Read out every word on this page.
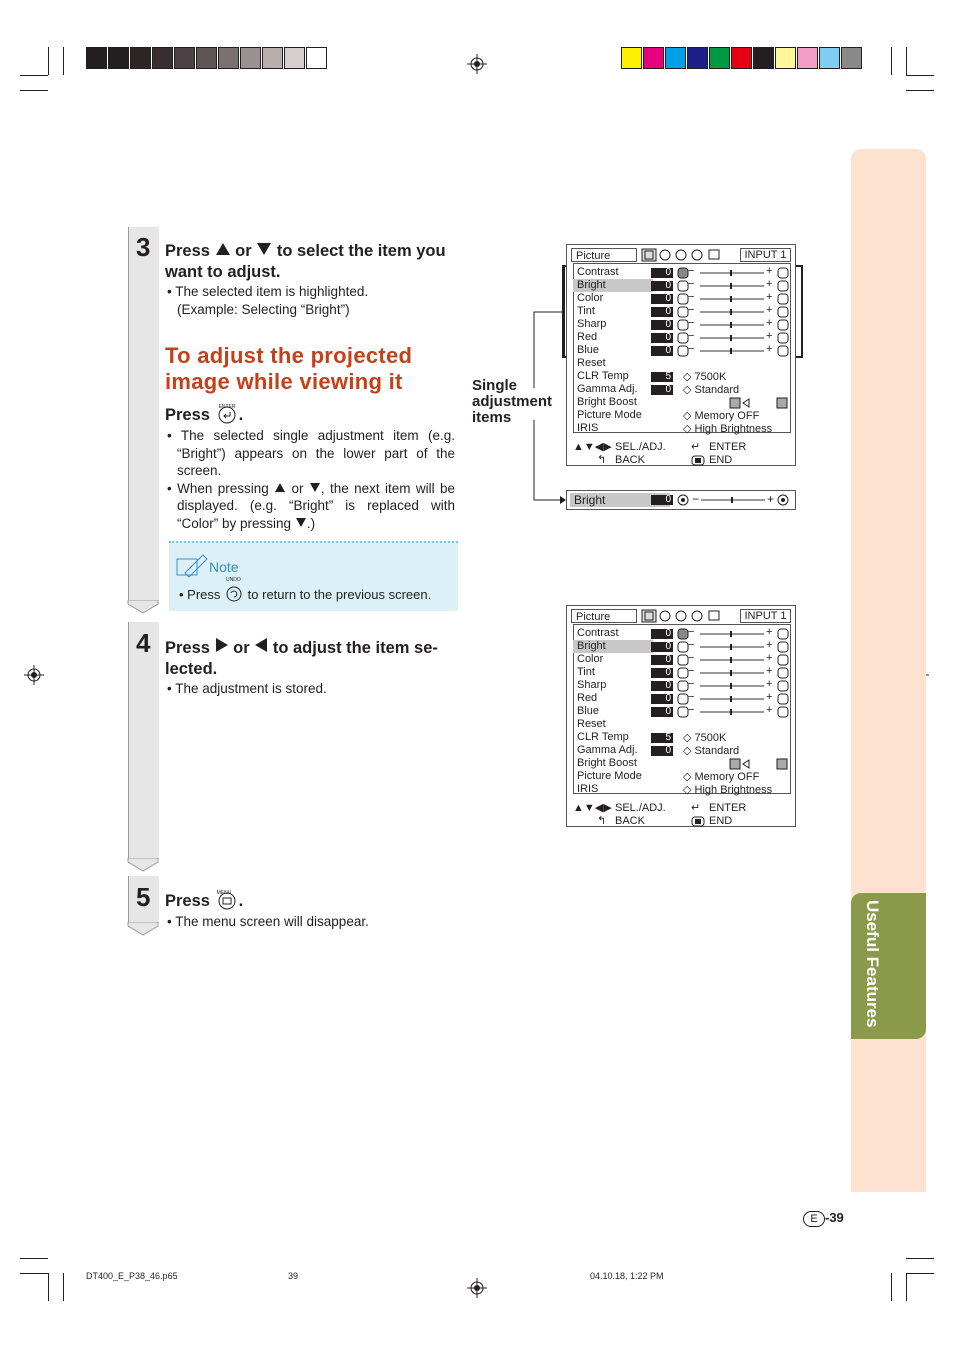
Useful Features
3
4
5
Press or to select the item you want to adjust.

• The selected item is highlighted.

(Example: Selecting “Bright”)

To adjust the projected image while viewing it
Press ENTER .

• The selected single adjustment item (e.g. “Bright”) appears on the lower part of the screen.

• When pressing or , the next item will be displayed. (e.g. “Bright” is replaced with “Color” by pressing .)

Note
• Press
UNDO
to return to the previous screen.
Press or to adjust the item se-lected.

• The adjustment is stored.

Press MENU .

• The menu screen will disappear.

Single adjustment items
Picture	INPUT 1
Contrast	0 −	+
Bright	0 −	+
Color	0 −	+
Tint	0 −	+
Sharp	0 −	+
Red	0 −	+
Blue	0 −	+
Reset
CLR Temp	5 ◇ 7500K
Gamma Adj.	0 ◇ Standard
Bright Boost
Picture Mode	◇ Memory OFF
IRIS	◇ High Brightness
▲▼◀▶ SEL./ADJ. ↵ ENTER
↰ BACK	END
Picture	INPUT 1
Contrast	0 −	+
Bright	0 −	+
Color	0 −	+
Tint	0 −	+
Sharp	0 −	+
Red	0 −	+
Blue	0 −	+
Reset
CLR Temp	5 ◇ 7500K
Gamma Adj.	0 ◇ Standard
Bright Boost
Picture Mode	◇ Memory OFF
IRIS	◇ High Brightness
▲▼◀▶ SEL./ADJ. ↵ ENTER
↰ BACK	END
Bright	0 −	+
E -39
DT400_E_P38_46.p65	39	04.10.18, 1:22 PM
